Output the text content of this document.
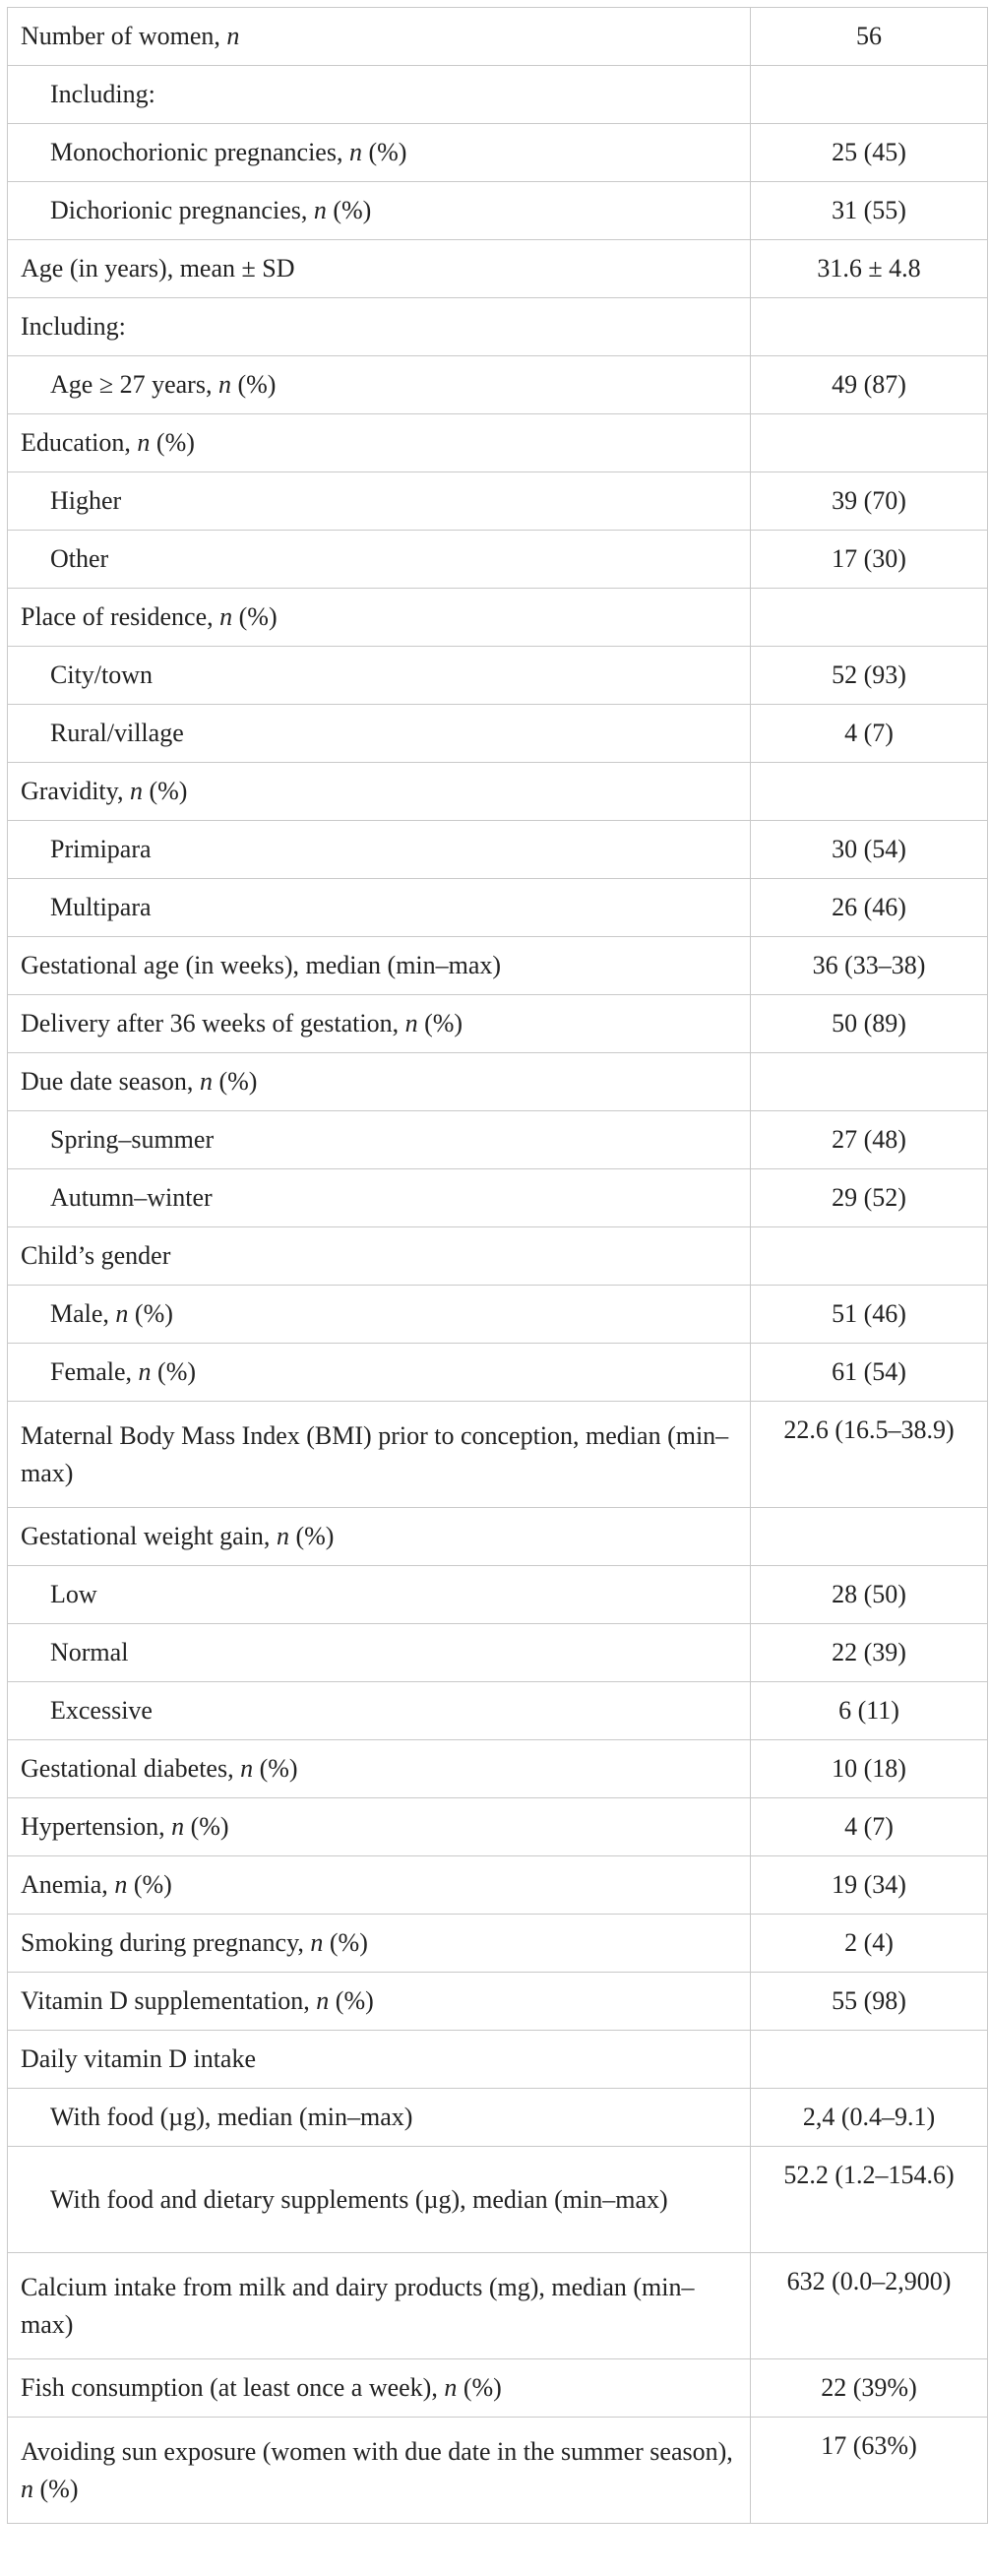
Number of women, n	56
Including:	
Monochorionic pregnancies, n (%)	25 (45)
Dichorionic pregnancies, n (%)	31 (55)
Age (in years), mean ± SD	31.6 ± 4.8
Including:	
Age ≥ 27 years, n (%)	49 (87)
Education, n (%)	
Higher	39 (70)
Other	17 (30)
Place of residence, n (%)	
City/town	52 (93)
Rural/village	4 (7)
Gravidity, n (%)	
Primipara	30 (54)
Multipara	26 (46)
Gestational age (in weeks), median (min–max)	36 (33–38)
Delivery after 36 weeks of gestation, n (%)	50 (89)
Due date season, n (%)	
Spring–summer	27 (48)
Autumn–winter	29 (52)
Child’s gender	
Male, n (%)	51 (46)
Female, n (%)	61 (54)
Maternal Body Mass Index (BMI) prior to conception, median (min–max)	22.6 (16.5–38.9)
Gestational weight gain, n (%)	
Low	28 (50)
Normal	22 (39)
Excessive	6 (11)
Gestational diabetes, n (%)	10 (18)
Hypertension, n (%)	4 (7)
Anemia, n (%)	19 (34)
Smoking during pregnancy, n (%)	2 (4)
Vitamin D supplementation, n (%)	55 (98)
Daily vitamin D intake	
With food (µg), median (min–max)	2,4 (0.4–9.1)
With food and dietary supplements (µg), median (min–max)	52.2 (1.2–154.6)
Calcium intake from milk and dairy products (mg), median (min–max)	632 (0.0–2,900)
Fish consumption (at least once a week), n (%)	22 (39%)
Avoiding sun exposure (women with due date in the summer season), n (%)	17 (63%)
